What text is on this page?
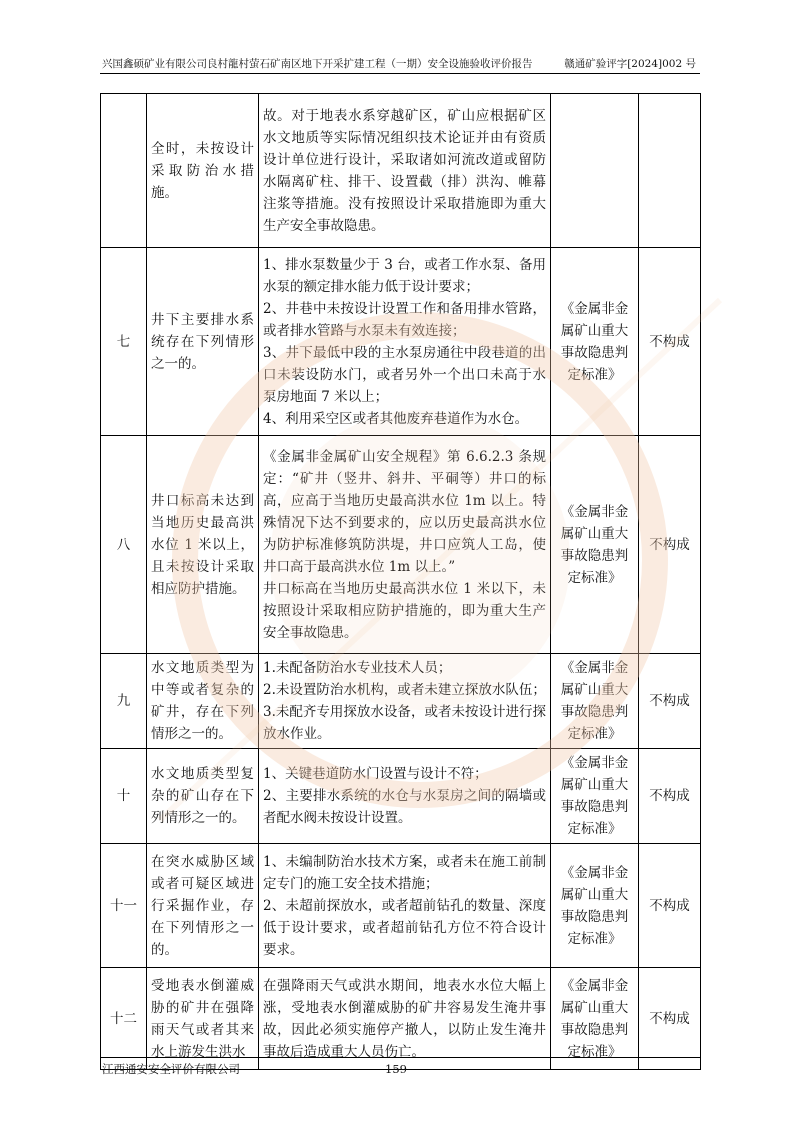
兴国鑫硕矿业有限公司良村龍村萤石矿南区地下开采扩建工程（一期）安全设施验收评价报告	赣通矿验评字[2024]002 号
	全时，未按设计采取防治水措施。	故。对于地表水系穿越矿区，矿山应根据矿区水文地质等实际情况组织技术论证并由有资质设计单位进行设计，采取诸如河流改道或留防水隔离矿柱、排干、设置截（排）洪沟、帷幕注浆等措施。没有按照设计采取措施即为重大生产安全事故隐患。		

七	井下主要排水系统存在下列情形之一的。	1、排水泵数量少于 3 台，或者工作水泵、备用水泵的额定排水能力低于设计要求；
2、井巷中未按设计设置工作和备用排水管路，或者排水管路与水泵未有效连接；
3、井下最低中段的主水泵房通往中段巷道的出口未装设防水门，或者另外一个出口未高于水泵房地面 7 米以上；
4、利用采空区或者其他废弃巷道作为水仓。	《金属非金属矿山重大事故隐患判定标准》	不构成
八	井口标高未达到当地历史最高洪水位 1 米以上，且未按设计采取相应防护措施。	《金属非金属矿山安全规程》第 6.6.2.3 条规定：“矿井（竖井、斜井、平硐等）井口的标高，应高于当地历史最高洪水位 1m 以上。特殊情况下达不到要求的，应以历史最高洪水位为防护标准修筑防洪堤，井口应筑人工岛，使井口高于最高洪水位 1m 以上。”
井口标高在当地历史最高洪水位 1 米以下，未按照设计采取相应防护措施的，即为重大生产安全事故隐患。	《金属非金属矿山重大事故隐患判定标准》	不构成
九	水文地质类型为中等或者复杂的矿井，存在下列情形之一的。	1.未配备防治水专业技术人员；
2.未设置防治水机构，或者未建立探放水队伍；
3.未配齐专用探放水设备，或者未按设计进行探放水作业。	《金属非金属矿山重大事故隐患判定标准》	不构成
十	水文地质类型复杂的矿山存在下列情形之一的。	1、关键巷道防水门设置与设计不符；
2、主要排水系统的水仓与水泵房之间的隔墙或者配水阀未按设计设置。	《金属非金属矿山重大事故隐患判定标准》	不构成
十一	在突水威胁区域或者可疑区域进行采掘作业，存在下列情形之一的。	1、未编制防治水技术方案，或者未在施工前制定专门的施工安全技术措施；
2、未超前探放水，或者超前钻孔的数量、深度低于设计要求，或者超前钻孔方位不符合设计要求。	《金属非金属矿山重大事故隐患判定标准》	不构成
十二	受地表水倒灌威胁的矿井在强降雨天气或者其来水上游发生洪水	在强降雨天气或洪水期间，地表水水位大幅上涨，受地表水倒灌威胁的矿井容易发生淹井事故，因此必须实施停产撤人，以防止发生淹井事故后造成重大人员伤亡。	《金属非金属矿山重大事故隐患判定标准》	不构成
江西通安安全评价有限公司	159
